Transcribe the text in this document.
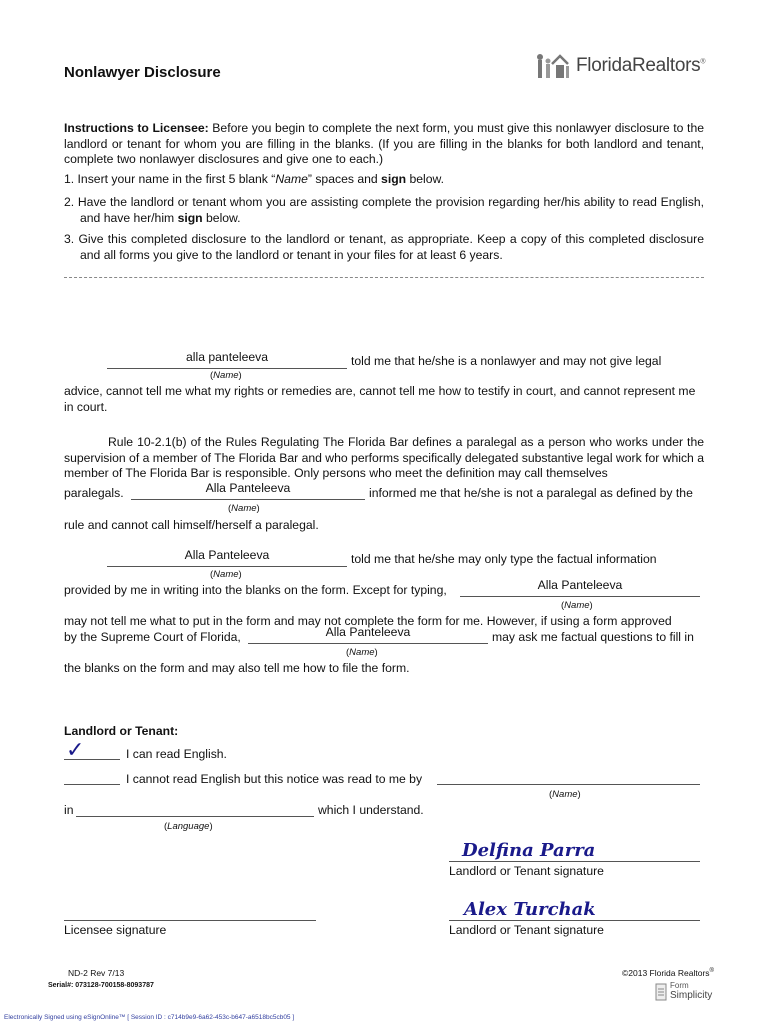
Nonlawyer Disclosure	FloridaRealtors®
Instructions to Licensee: Before you begin to complete the next form, you must give this nonlawyer disclosure to the landlord or tenant for whom you are filling in the blanks. (If you are filling in the blanks for both landlord and tenant, complete two nonlawyer disclosures and give one to each.)
1. Insert your name in the first 5 blank “Name” spaces and sign below.
2. Have the landlord or tenant whom you are assisting complete the provision regarding her/his ability to read English, and have her/him sign below.
3. Give this completed disclosure to the landlord or tenant, as appropriate. Keep a copy of this completed disclosure and all forms you give to the landlord or tenant in your files for at least 6 years.
alla panteleeva	told me that he/she is a nonlawyer and may not give legal
(Name)
advice, cannot tell me what my rights or remedies are, cannot tell me how to testify in court, and cannot represent me in court.
Rule 10-2.1(b) of the Rules Regulating The Florida Bar defines a paralegal as a person who works under the supervision of a member of The Florida Bar and who performs specifically delegated substantive legal work for which a member of The Florida Bar is responsible. Only persons who meet the definition may call themselves
paralegals.	Alla Panteleeva	informed me that he/she is not a paralegal as defined by the
(Name)
rule and cannot call himself/herself a paralegal.
Alla Panteleeva	told me that he/she may only type the factual information
(Name)
provided by me in writing into the blanks on the form. Except for typing,	Alla Panteleeva
(Name)
may not tell me what to put in the form and may not complete the form for me. However, if using a form approved
by the Supreme Court of Florida,	Alla Panteleeva	may ask me factual questions to fill in
(Name)
the blanks on the form and may also tell me how to file the form.
Landlord or Tenant:
✓	I can read English.
I cannot read English but this notice was read to me by
(Name)
in	which I understand.
(Language)
Delfina Parra
Landlord or Tenant signature
Licensee signature
Alex Turchak
Landlord or Tenant signature
ND-2 Rev 7/13
Serial#: 073128-700158-8093787
©2013 Florida Realtors®
Form
Simplicity
Electronically Signed using eSignOnline™ [ Session ID : c714b9e9-6a62-453c-b647-a6518bc5cb05 ]
